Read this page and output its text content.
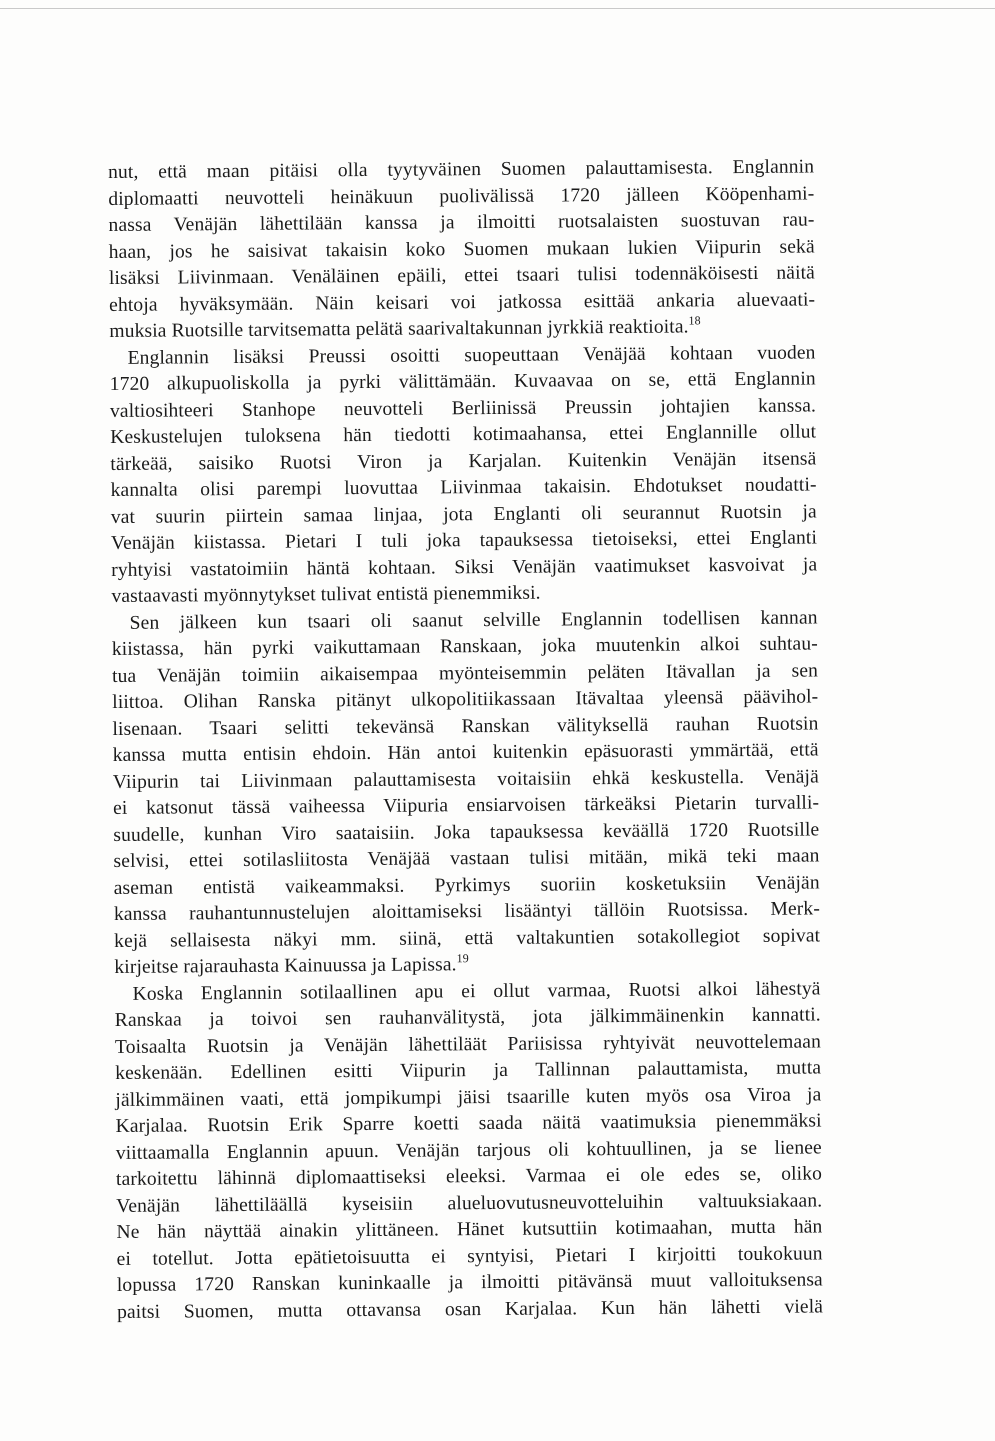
nut, että maan pitäisi olla tyytyväinen Suomen palauttamisesta. Englannin
diplomaatti neuvotteli heinäkuun puolivälissä 1720 jälleen Kööpenhami-
nassa Venäjän lähettilään kanssa ja ilmoitti ruotsalaisten suostuvan rau-
haan, jos he saisivat takaisin koko Suomen mukaan lukien Viipurin sekä
lisäksi Liivinmaan. Venäläinen epäili, ettei tsaari tulisi todennäköisesti näitä
ehtoja hyväksymään. Näin keisari voi jatkossa esittää ankaria aluevaati-
muksia Ruotsille tarvitsematta pelätä saarivaltakunnan jyrkkiä reaktioita.$^{18}$
Englannin lisäksi Preussi osoitti suopeuttaan Venäjää kohtaan vuoden
1720 alkupuoliskolla ja pyrki välittämään. Kuvaavaa on se, että Englannin
valtiosihteeri Stanhope neuvotteli Berliinissä Preussin johtajien kanssa.
Keskustelujen tuloksena hän tiedotti kotimaahansa, ettei Englannille ollut
tärkeää, saisiko Ruotsi Viron ja Karjalan. Kuitenkin Venäjän itsensä
kannalta olisi parempi luovuttaa Liivinmaa takaisin. Ehdotukset noudatti-
vat suurin piirtein samaa linjaa, jota Englanti oli seurannut Ruotsin ja
Venäjän kiistassa. Pietari I tuli joka tapauksessa tietoiseksi, ettei Englanti
ryhtyisi vastatoimiin häntä kohtaan. Siksi Venäjän vaatimukset kasvoivat ja
vastaavasti myönnytykset tulivat entistä pienemmiksi.
Sen jälkeen kun tsaari oli saanut selville Englannin todellisen kannan
kiistassa, hän pyrki vaikuttamaan Ranskaan, joka muutenkin alkoi suhtau-
tua Venäjän toimiin aikaisempaa myönteisemmin peläten Itävallan ja sen
liittoa. Olihan Ranska pitänyt ulkopolitiikassaan Itävaltaa yleensä päävihol-
lisenaan. Tsaari selitti tekevänsä Ranskan välityksellä rauhan Ruotsin
kanssa mutta entisin ehdoin. Hän antoi kuitenkin epäsuorasti ymmärtää, että
Viipurin tai Liivinmaan palauttamisesta voitaisiin ehkä keskustella. Venäjä
ei katsonut tässä vaiheessa Viipuria ensiarvoisen tärkeäksi Pietarin turvalli-
suudelle, kunhan Viro saataisiin. Joka tapauksessa keväällä 1720 Ruotsille
selvisi, ettei sotilasliitosta Venäjää vastaan tulisi mitään, mikä teki maan
aseman entistä vaikeammaksi. Pyrkimys suoriin kosketuksiin Venäjän
kanssa rauhantunnustelujen aloittamiseksi lisääntyi tällöin Ruotsissa. Merk-
kejä sellaisesta näkyi mm. siinä, että valtakuntien sotakollegiot sopivat
kirjeitse rajarauhasta Kainuussa ja Lapissa.$^{19}$
Koska Englannin sotilaallinen apu ei ollut varmaa, Ruotsi alkoi lähestyä
Ranskaa ja toivoi sen rauhanvälitystä, jota jälkimmäinenkin kannatti.
Toisaalta Ruotsin ja Venäjän lähettiläät Pariisissa ryhtyivät neuvottelemaan
keskenään. Edellinen esitti Viipurin ja Tallinnan palauttamista, mutta
jälkimmäinen vaati, että jompikumpi jäisi tsaarille kuten myös osa Viroa ja
Karjalaa. Ruotsin Erik Sparre koetti saada näitä vaatimuksia pienemmäksi
viittaamalla Englannin apuun. Venäjän tarjous oli kohtuullinen, ja se lienee
tarkoitettu lähinnä diplomaattiseksi eleeksi. Varmaa ei ole edes se, oliko
Venäjän lähettiläällä kyseisiin alueluovutusneuvotteluihin valtuuksiakaan.
Ne hän näyttää ainakin ylittäneen. Hänet kutsuttiin kotimaahan, mutta hän
ei totellut. Jotta epätietoisuutta ei syntyisi, Pietari I kirjoitti toukokuun
lopussa 1720 Ranskan kuninkaalle ja ilmoitti pitävänsä muut valloituksensa
paitsi Suomen, mutta ottavansa osan Karjalaa. Kun hän lähetti vielä
